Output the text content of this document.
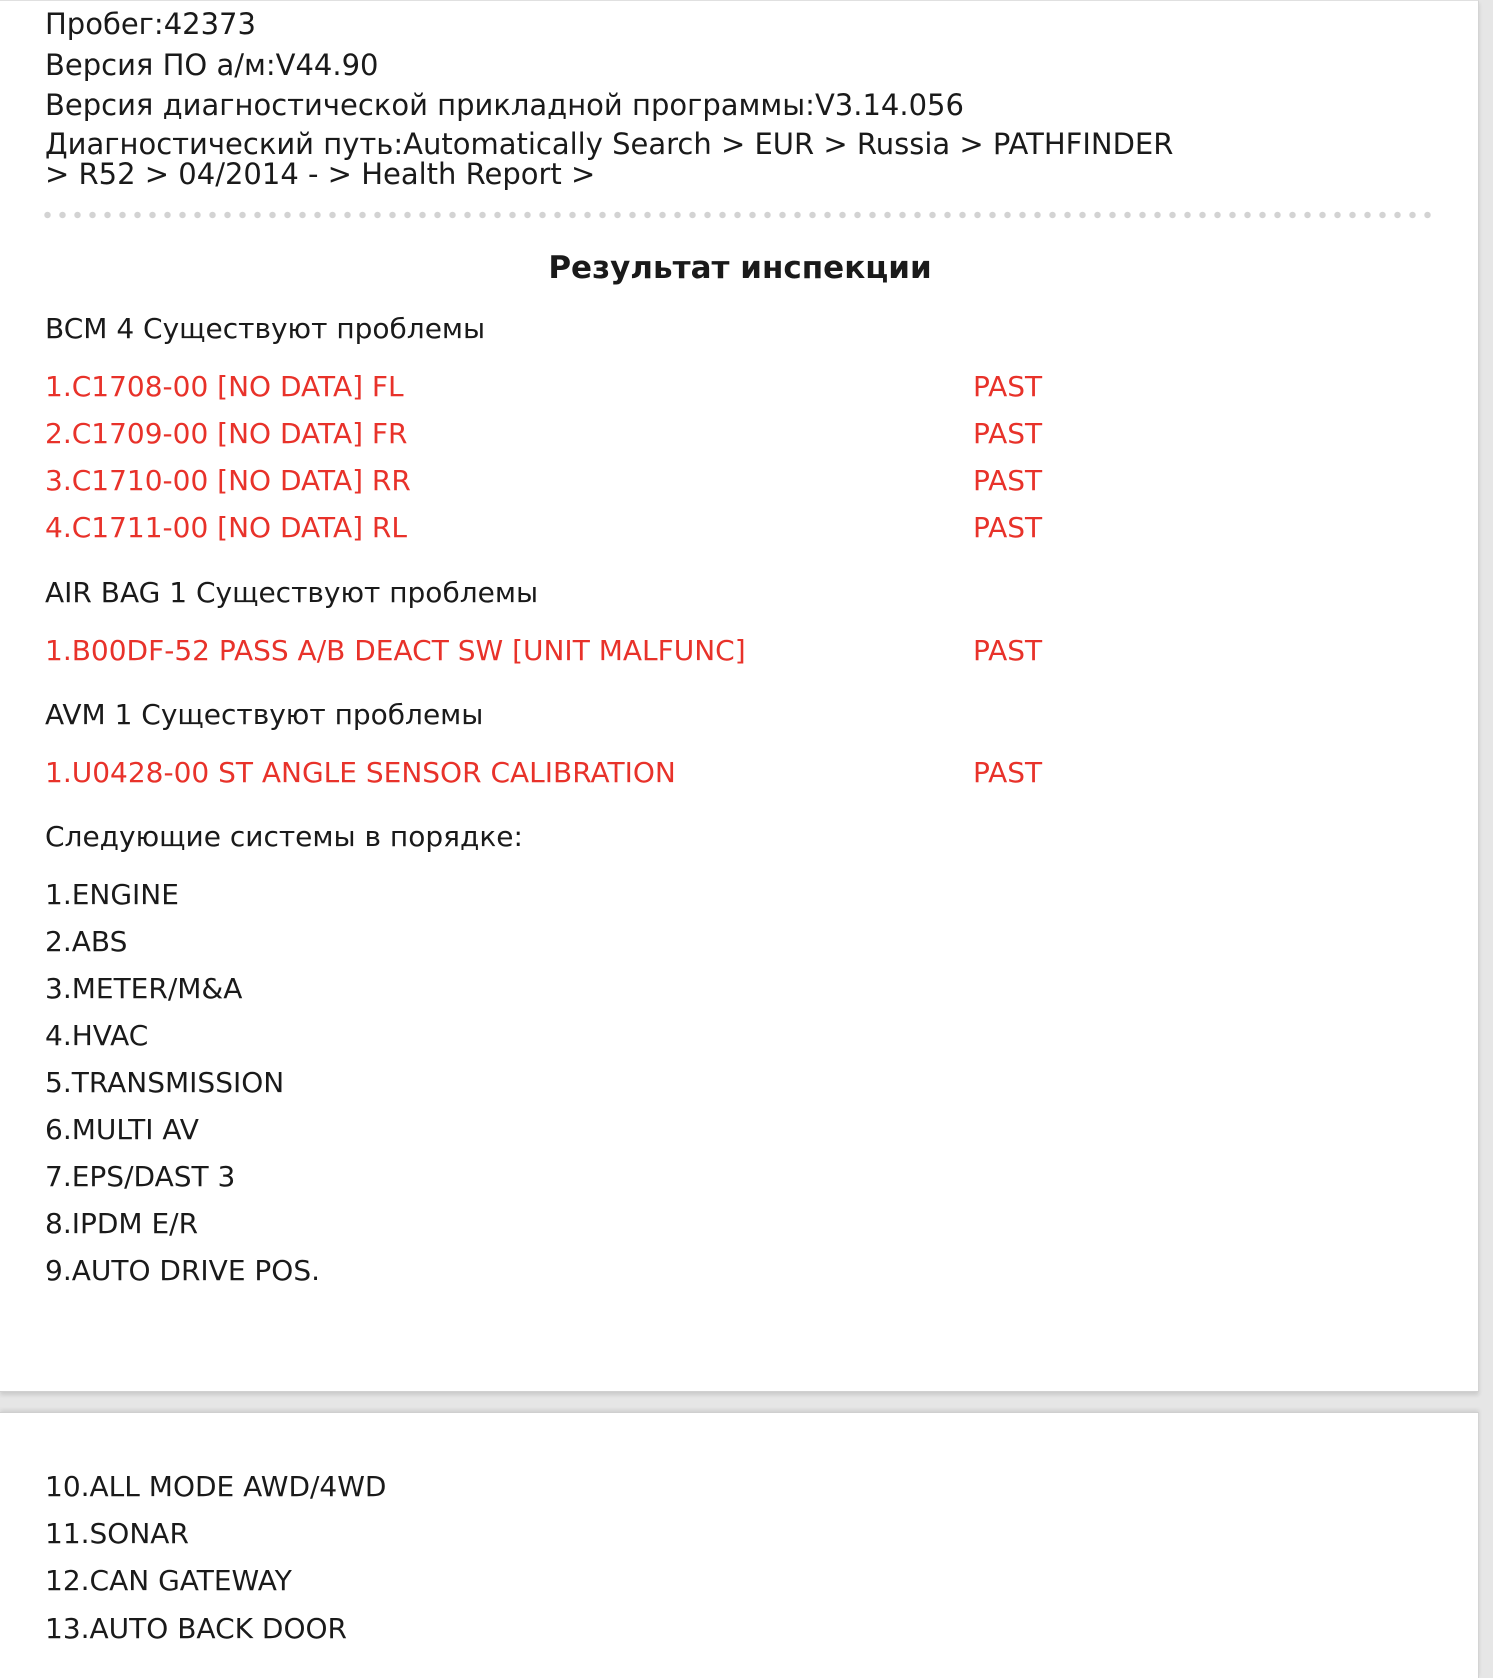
Пробег:42373
Версия ПО а/м:V44.90
Версия диагностической прикладной программы:V3.14.056
Диагностический путь:Automatically Search > EUR > Russia > PATHFINDER > R52 > 04/2014 - > Health Report >
Результат инспекции
BCM 4 Существуют проблемы
1.C1708-00 [NO DATA] FL	PAST
2.C1709-00 [NO DATA] FR	PAST
3.C1710-00 [NO DATA] RR	PAST
4.C1711-00 [NO DATA] RL	PAST
AIR BAG 1 Существуют проблемы
1.B00DF-52 PASS A/B DEACT SW [UNIT MALFUNC]	PAST
AVM 1 Существуют проблемы
1.U0428-00 ST ANGLE SENSOR CALIBRATION	PAST
Следующие системы в порядке:
1.ENGINE
2.ABS
3.METER/M&A
4.HVAC
5.TRANSMISSION
6.MULTI AV
7.EPS/DAST 3
8.IPDM E/R
9.AUTO DRIVE POS.
10.ALL MODE AWD/4WD
11.SONAR
12.CAN GATEWAY
13.AUTO BACK DOOR
